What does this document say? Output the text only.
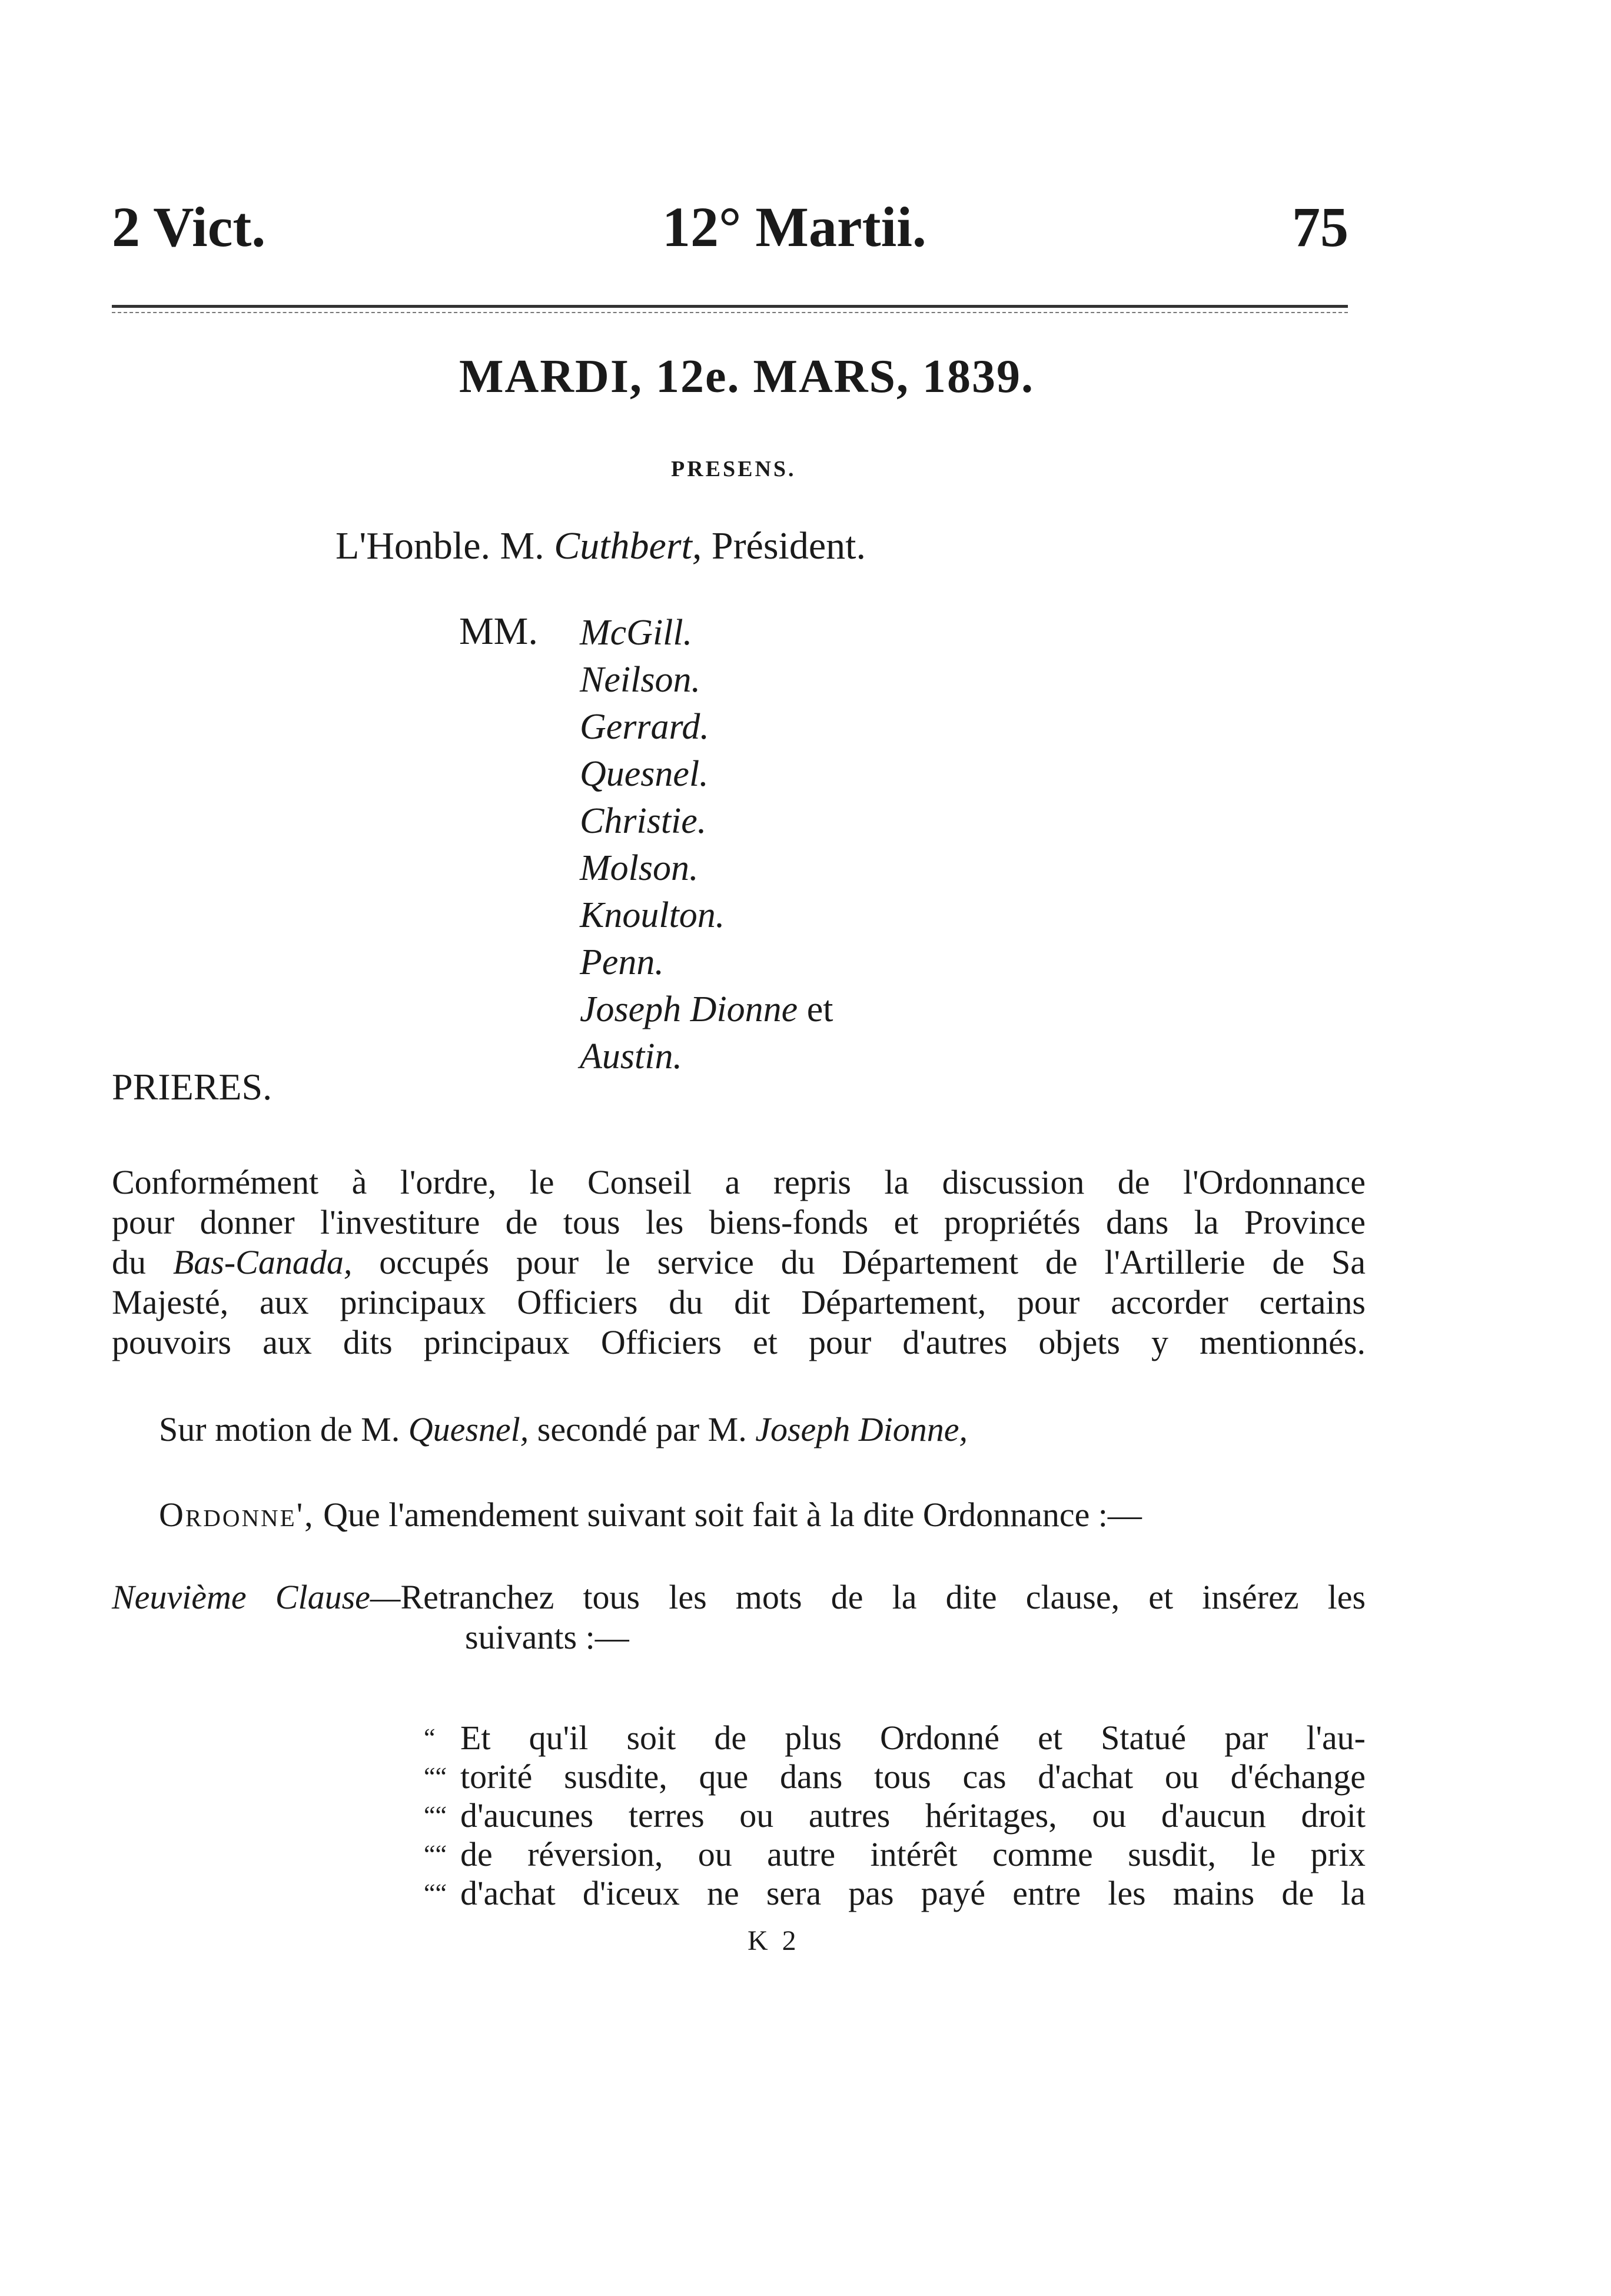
2 Vict.	12° Martii.	75
MARDI, 12e. MARS, 1839.
PRESENS.
L'Honble. M. Cuthbert, Président.
MM. McGill.
Neilson.
Gerrard.
Quesnel.
Christie.
Molson.
Knoulton.
Penn.
Joseph Dionne et
Austin.
PRIERES.
Conformément à l'ordre, le Conseil a repris la discussion de l'Ordonnance
pour donner l'investiture de tous les biens-fonds et propriétés dans la Province
du Bas-Canada, occupés pour le service du Département de l'Artillerie de Sa
Majesté, aux principaux Officiers du dit Département, pour accorder certains
pouvoirs aux dits principaux Officiers et pour d'autres objets y mentionnés.
Sur motion de M. Quesnel, secondé par M. Joseph Dionne,
Ordonne', Que l'amendement suivant soit fait à la dite Ordonnance :—
Neuvième Clause—Retranchez tous les mots de la dite clause, et insérez les
suivants :—
“ Et qu'il soit de plus Ordonné et Statué par l'au-
““ torité susdite, que dans tous cas d'achat ou d'échange
““ d'aucunes terres ou autres héritages, ou d'aucun droit
““ de réversion, ou autre intérêt comme susdit, le prix
““ d'achat d'iceux ne sera pas payé entre les mains de la
K 2
